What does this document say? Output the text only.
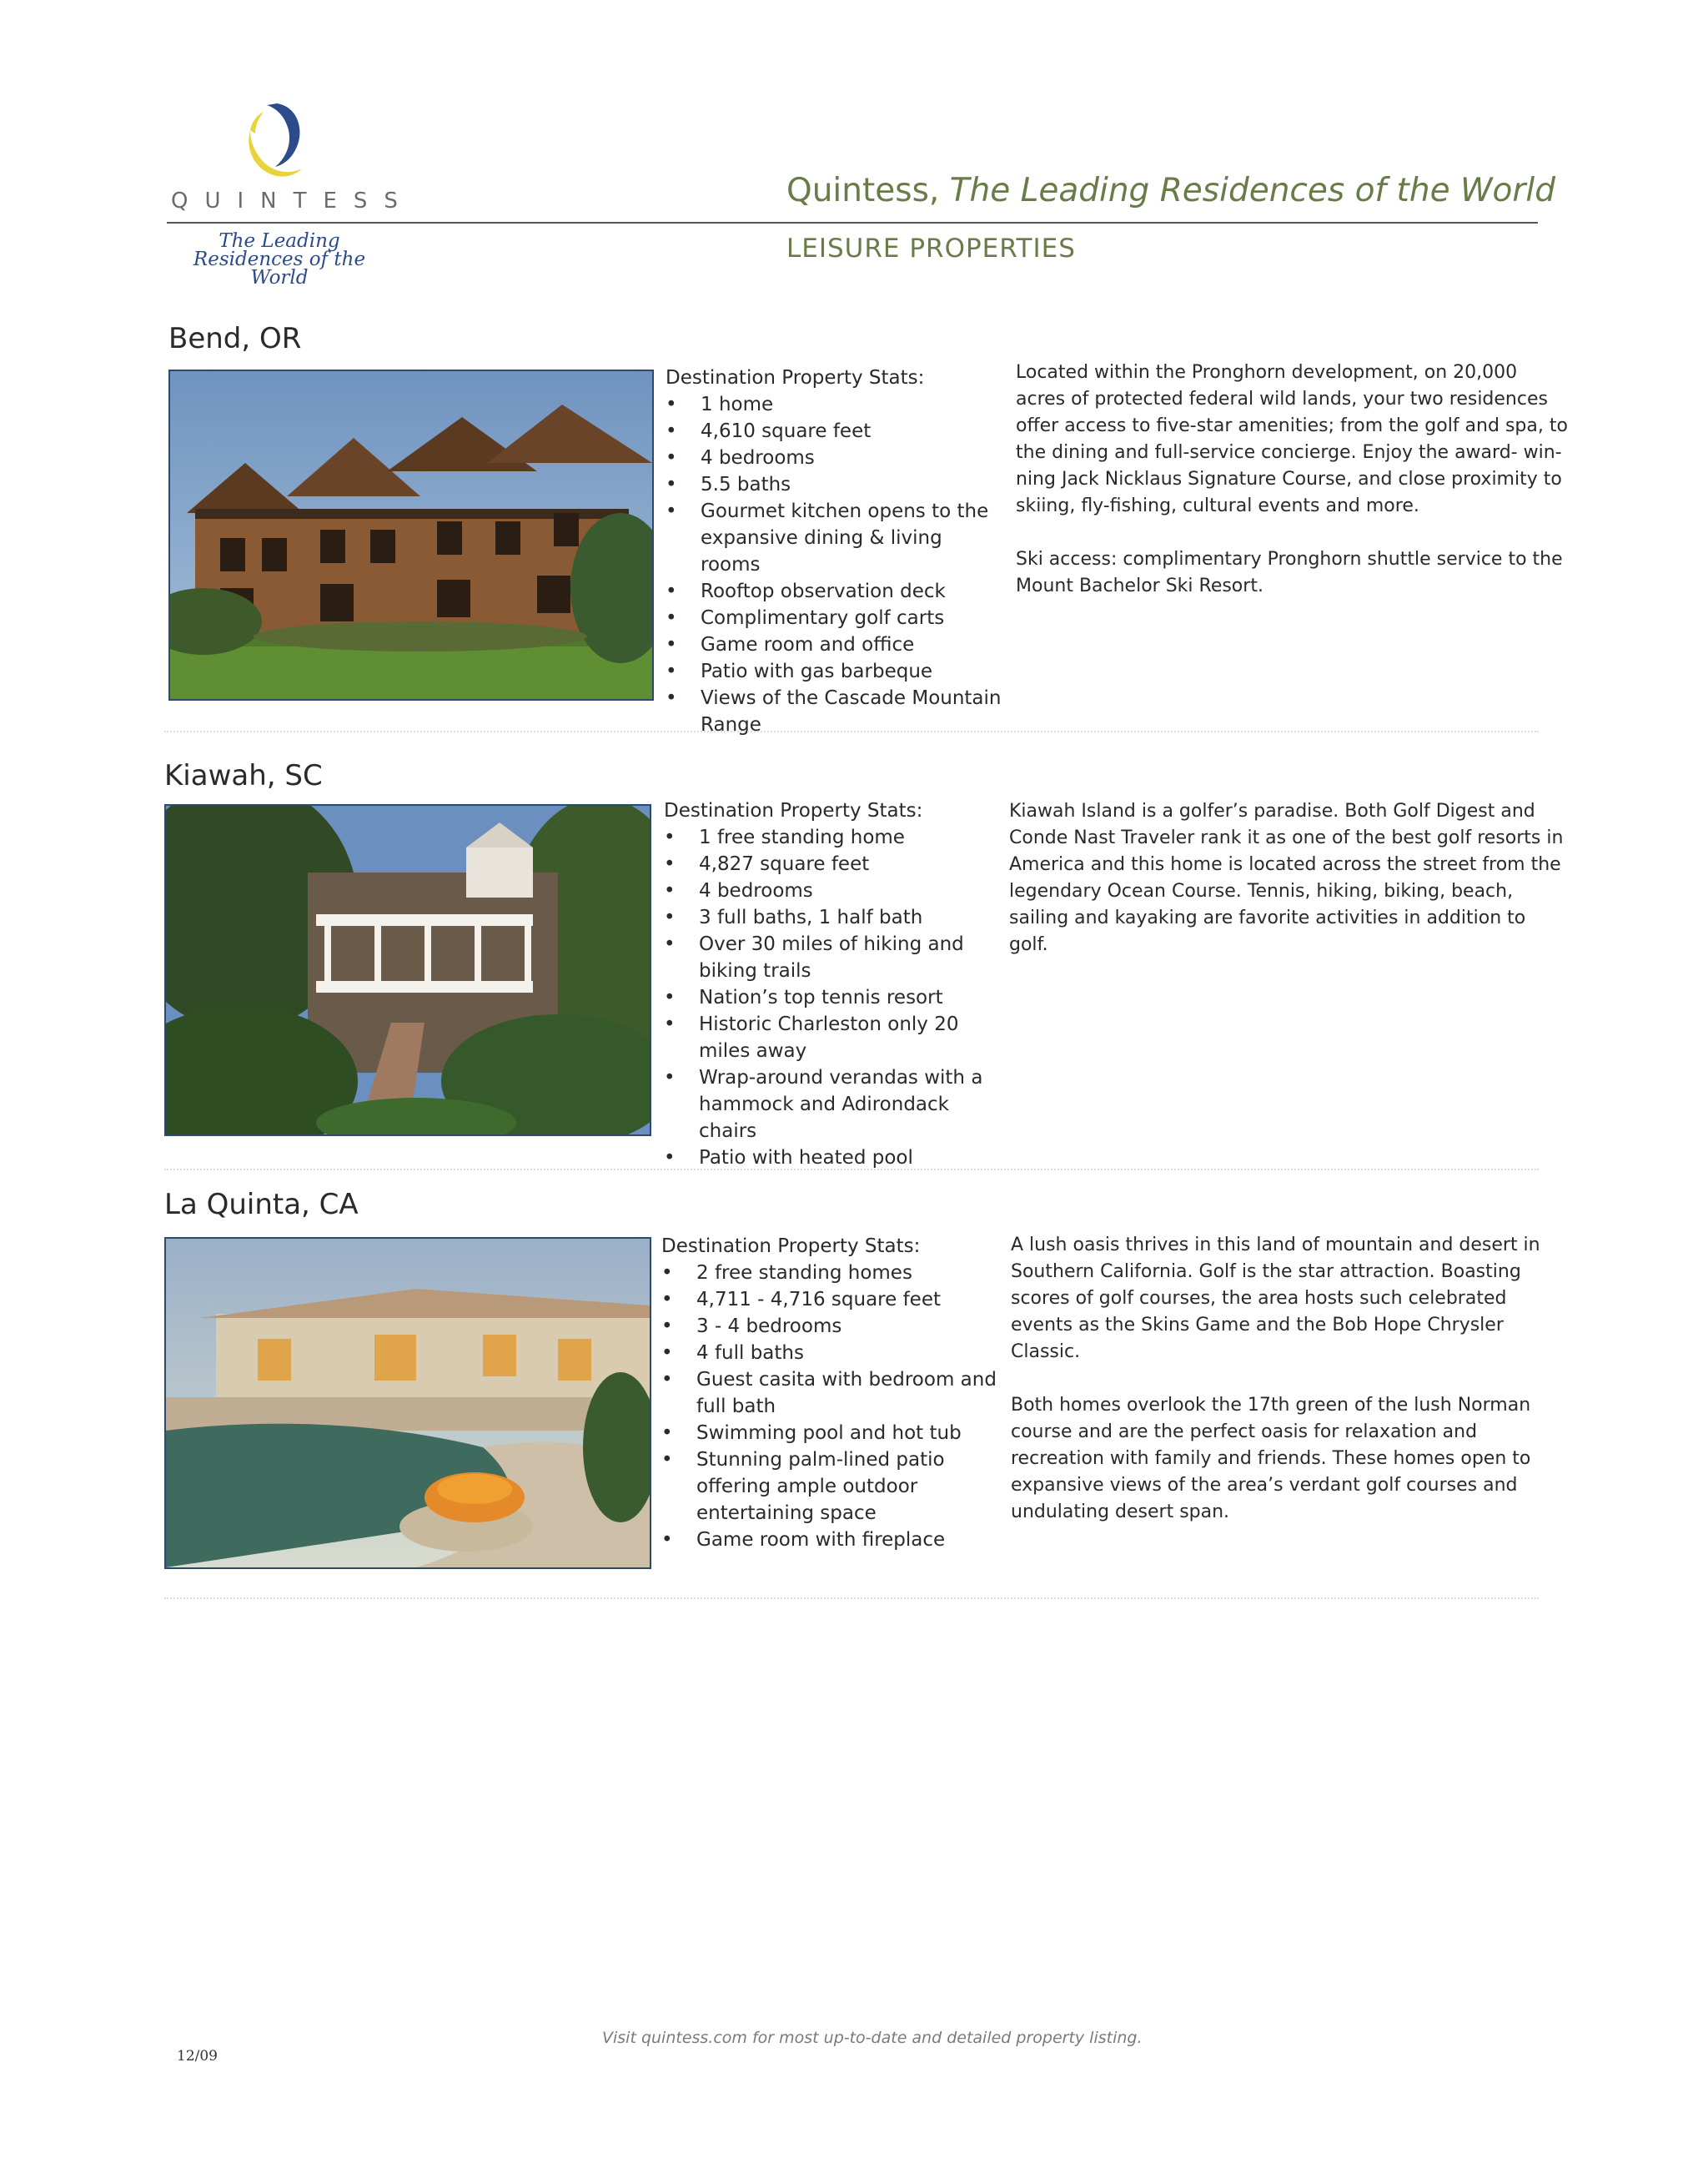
QUINTESS
The Leading Residences of the World
Quintess, The Leading Residences of the World
LEISURE PROPERTIES
Bend, OR
Destination Property Stats:
• 1 home
• 4,610 square feet
• 4 bedrooms
• 5.5 baths
• Gourmet kitchen opens to the expansive dining & living rooms
• Rooftop observation deck
• Complimentary golf carts
• Game room and office
• Patio with gas barbeque
• Views of the Cascade Mountain Range

Located within the Pronghorn development, on 20,000 acres of protected federal wild lands, your two residences offer access to five-star amenities; from the golf and spa, to the dining and full-service concierge. Enjoy the award- win-ning Jack Nicklaus Signature Course, and close proximity to skiing, fly-fishing, cultural events and more.

Ski access: complimentary Pronghorn shuttle service to the Mount Bachelor Ski Resort.

Kiawah, SC
Destination Property Stats:
• 1 free standing home
• 4,827 square feet
• 4 bedrooms
• 3 full baths, 1 half bath
• Over 30 miles of hiking and biking trails
• Nation’s top tennis resort
• Historic Charleston only 20 miles away
• Wrap-around verandas with a hammock and Adirondack chairs
• Patio with heated pool

Kiawah Island is a golfer’s paradise. Both Golf Digest and Conde Nast Traveler rank it as one of the best golf resorts in America and this home is located across the street from the legendary Ocean Course. Tennis, hiking, biking, beach, sailing and kayaking are favorite activities in addition to golf.

La Quinta, CA
Destination Property Stats:
• 2 free standing homes
• 4,711 - 4,716 square feet
• 3 - 4 bedrooms
• 4 full baths
• Guest casita with bedroom and full bath
• Swimming pool and hot tub
• Stunning palm-lined patio offering ample outdoor entertaining space
• Game room with fireplace

A lush oasis thrives in this land of mountain and desert in Southern California. Golf is the star attraction. Boasting scores of golf courses, the area hosts such celebrated events as the Skins Game and the Bob Hope Chrysler Classic.

Both homes overlook the 17th green of the lush Norman course and are the perfect oasis for relaxation and recreation with family and friends. These homes open to expansive views of the area’s verdant golf courses and undulating desert span.

Visit quintess.com for most up-to-date and detailed property listing.
12/09
